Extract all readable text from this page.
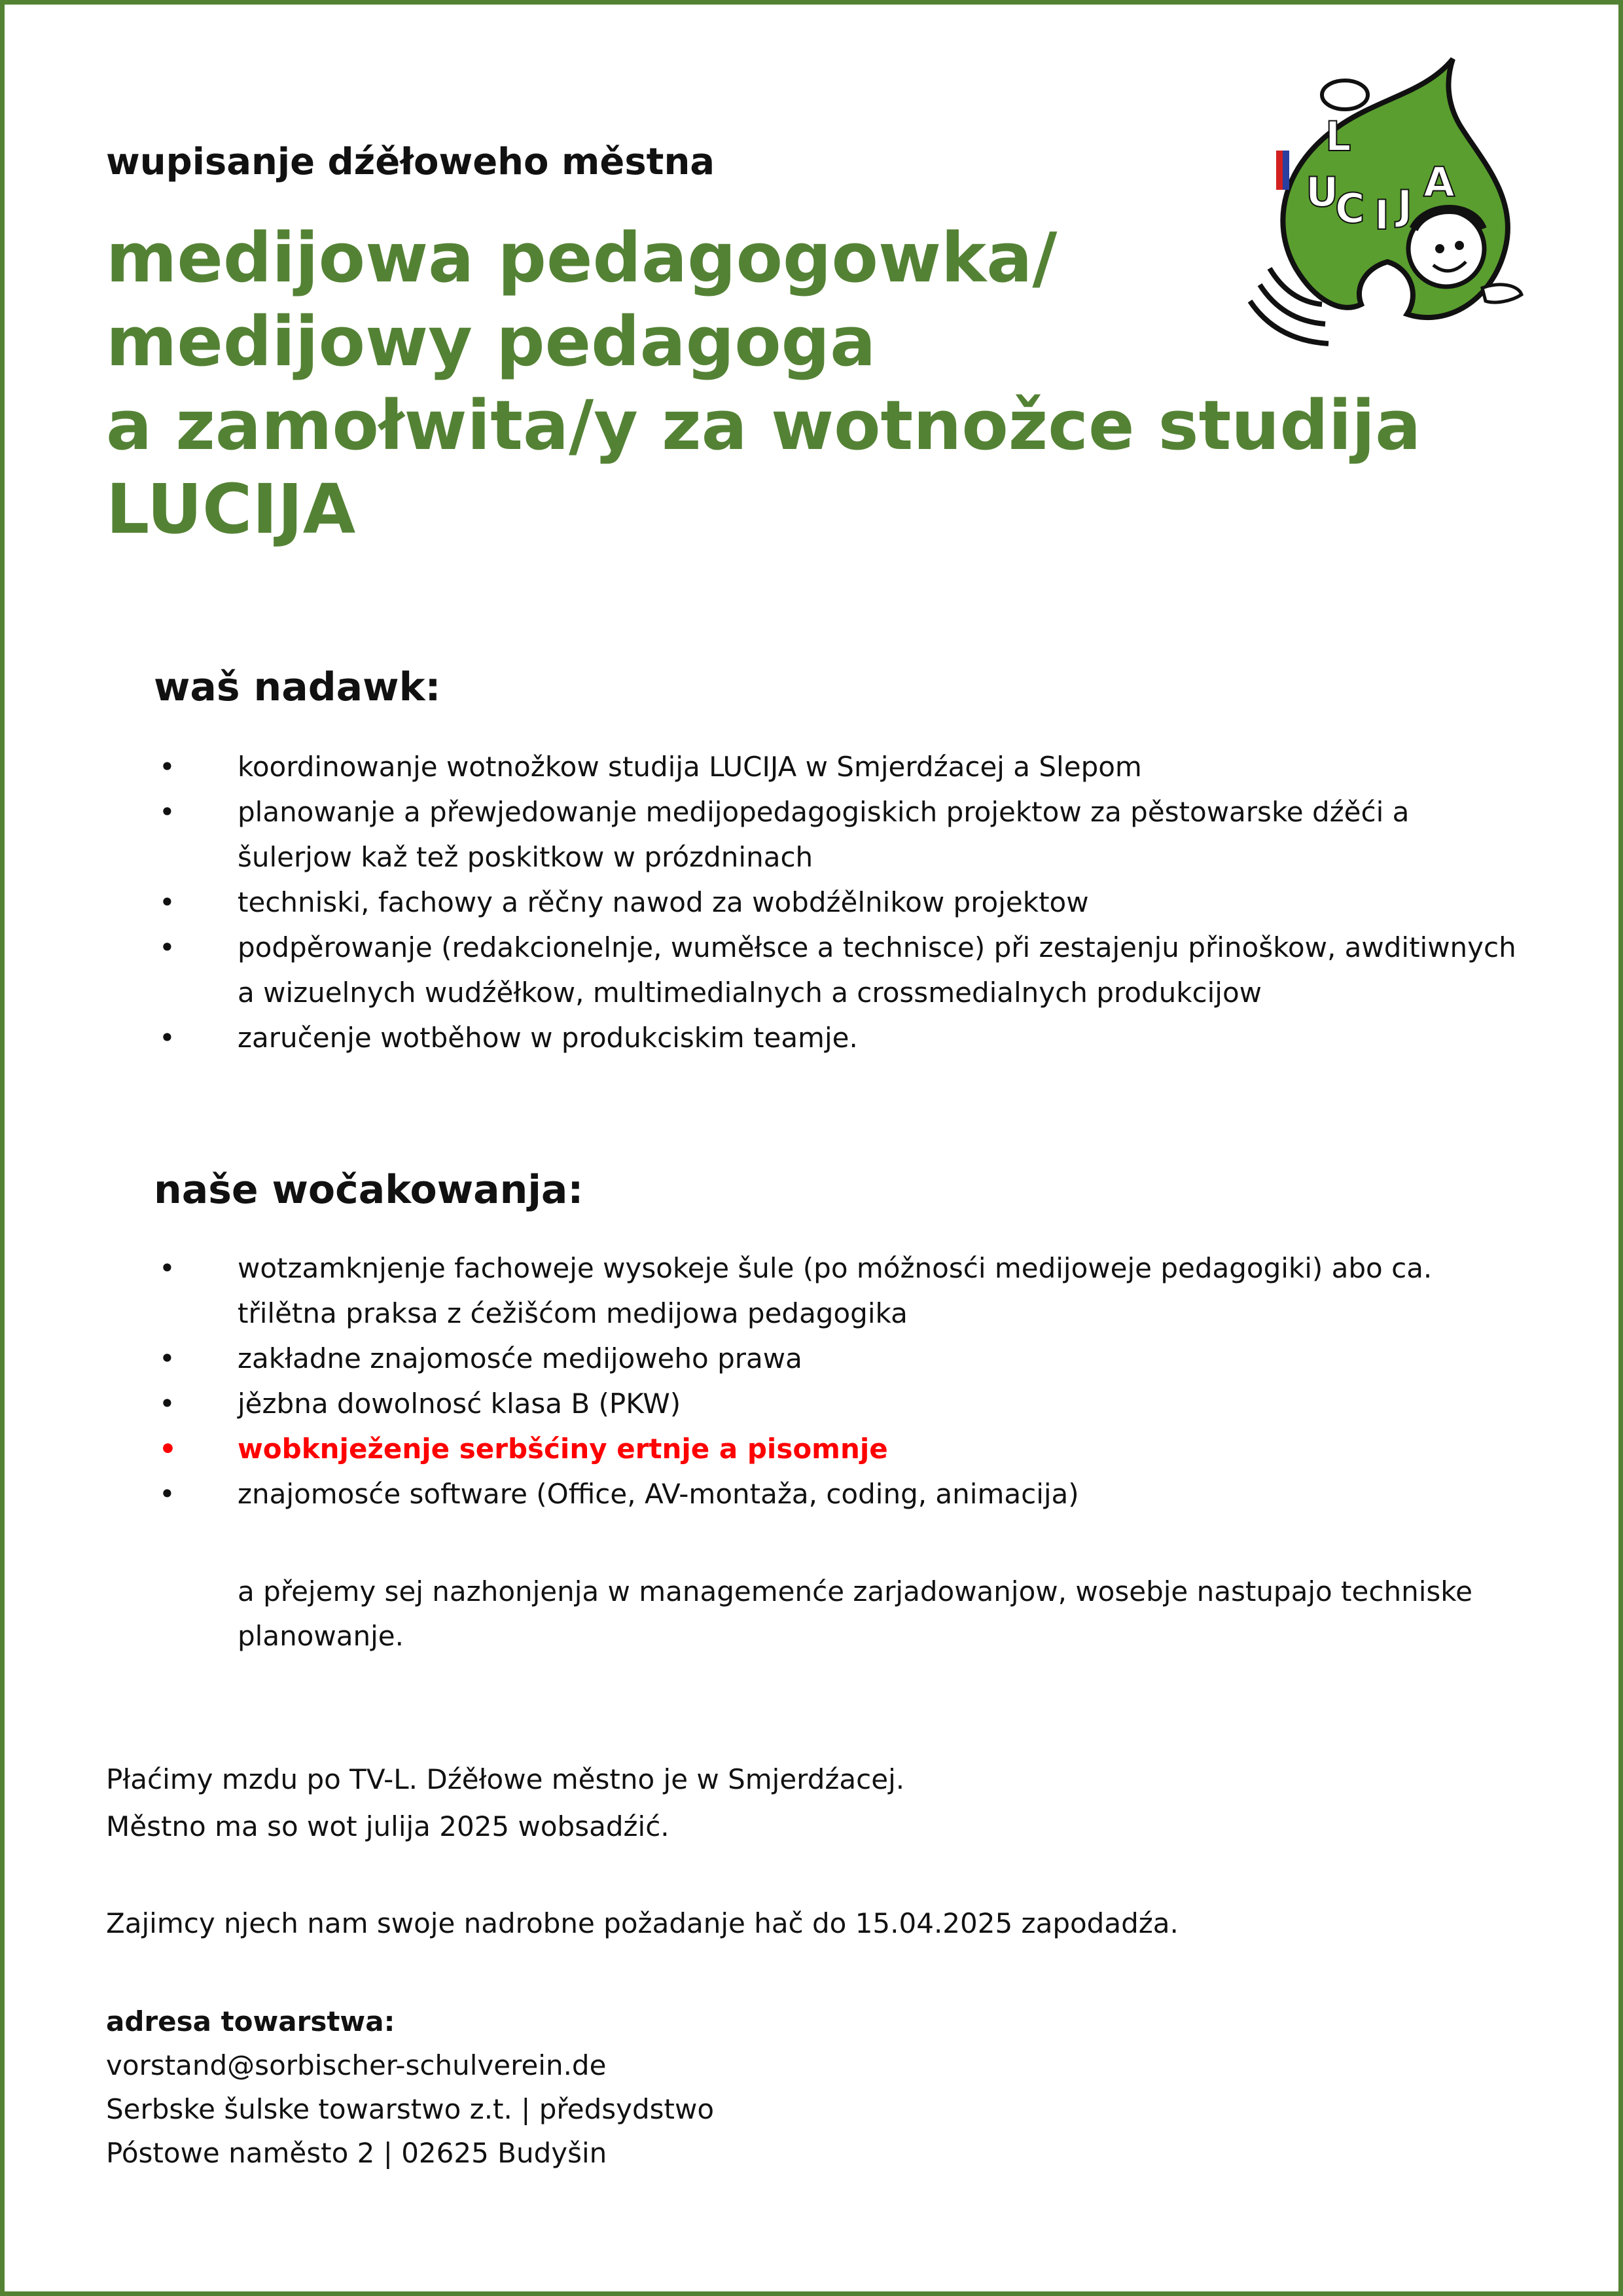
wupisanje dźěłoweho městna
medijowa pedagogowka/
medijowy pedagoga
a zamołwita/y za wotnožce studija
LUCIJA
L
U
C I J A
waš nadawk:
• koordinowanje wotnožkow studija LUCIJA w Smjerdźacej a Slepom
• planowanje a přewjedowanje medijopedagogiskich projektow za pěstowarske dźěći a šulerjow kaž tež poskitkow w prózdninach
• techniski, fachowy a rěčny nawod za wobdźělnikow projektow
• podpěrowanje (redakcionelnje, wuměłsce a technisce) při zestajenju přinoškow, awditiwnych a wizuelnych wudźěłkow, multimedialnych a crossmedialnych produkcijow
• zaručenje wotběhow w produkciskim teamje.
naše wočakowanja:
• wotzamknjenje fachoweje wysokeje šule (po móžnosći medijoweje pedagogiki) abo ca. třilětna praksa z ćežišćom medijowa pedagogika
• zakładne znajomosće medijoweho prawa
• jězbna dowolnosć klasa B (PKW)
• wobknježenje serbšćiny ertnje a pisomnje
• znajomosće software (Office, AV-montaža, coding, animacija)
a přejemy sej nazhonjenja w managemenće zarjadowanjow, wosebje nastupajo techniske planowanje.
Płaćimy mzdu po TV-L. Dźěłowe městno je w Smjerdźacej.
Městno ma so wot julija 2025 wobsadźić.
Zajimcy njech nam swoje nadrobne požadanje hač do 15.04.2025 zapodadźa.
adresa towarstwa:
vorstand@sorbischer-schulverein.de
Serbske šulske towarstwo z.t. | předsydstwo
Póstowe naměsto 2 | 02625 Budyšin
